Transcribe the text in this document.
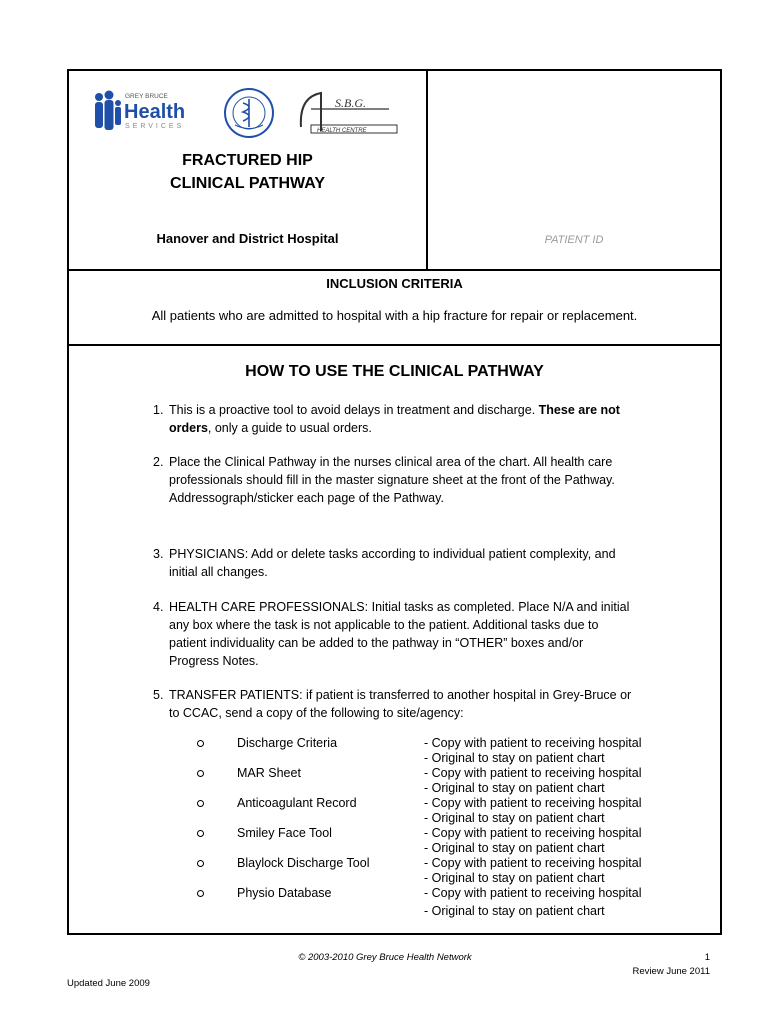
GREY BRUCE
Health
SERVICES
S.B.G.
HEALTH CENTRE
FRACTURED HIP
CLINICAL PATHWAY
Hanover and District Hospital	PATIENT ID
INCLUSION CRITERIA
All patients who are admitted to hospital with a hip fracture for repair or replacement.
HOW TO USE THE CLINICAL PATHWAY
1. This is a proactive tool to avoid delays in treatment and discharge. These are not orders, only a guide to usual orders.
2. Place the Clinical Pathway in the nurses clinical area of the chart. All health care professionals should fill in the master signature sheet at the front of the Pathway. Addressograph/sticker each page of the Pathway.
3. PHYSICIANS: Add or delete tasks according to individual patient complexity, and initial all changes.
4. HEALTH CARE PROFESSIONALS: Initial tasks as completed. Place N/A and initial any box where the task is not applicable to the patient. Additional tasks due to patient individuality can be added to the pathway in “OTHER” boxes and/or Progress Notes.
5. TRANSFER PATIENTS: if patient is transferred to another hospital in Grey-Bruce or to CCAC, send a copy of the following to site/agency:
Discharge Criteria	- Copy with patient to receiving hospital
- Original to stay on patient chart
MAR Sheet	- Copy with patient to receiving hospital
- Original to stay on patient chart
Anticoagulant Record	- Copy with patient to receiving hospital
- Original to stay on patient chart
Smiley Face Tool	- Copy with patient to receiving hospital
- Original to stay on patient chart
Blaylock Discharge Tool	- Copy with patient to receiving hospital
- Original to stay on patient chart
Physio Database	- Copy with patient to receiving hospital
- Original to stay on patient chart
© 2003-2010 Grey Bruce Health Network	1
Review June 2011
Updated June 2009
